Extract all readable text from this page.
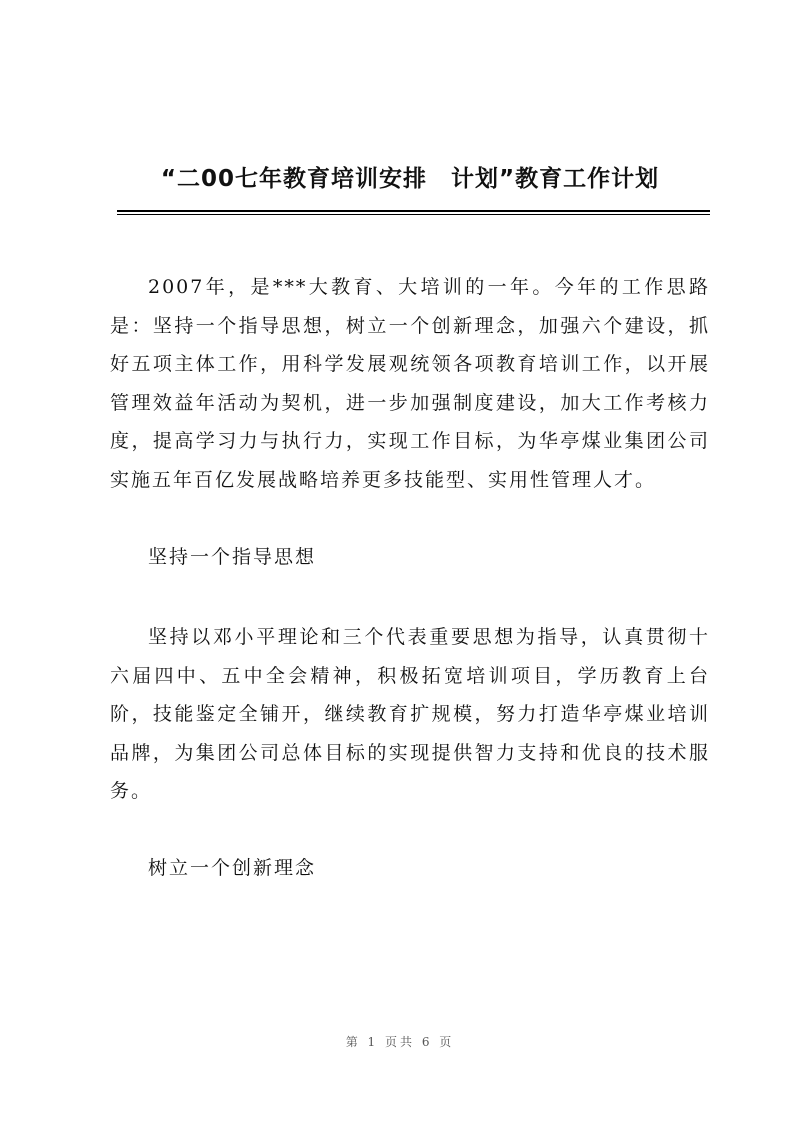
“二00七年教育培训安排　计划”教育工作计划

2007年，是***大教育、大培训的一年。今年的工作思路是：坚持一个指导思想，树立一个创新理念，加强六个建设，抓好五项主体工作，用科学发展观统领各项教育培训工作，以开展管理效益年活动为契机，进一步加强制度建设，加大工作考核力度，提高学习力与执行力，实现工作目标，为华亭煤业集团公司实施五年百亿发展战略培养更多技能型、实用性管理人才。

坚持一个指导思想

坚持以邓小平理论和三个代表重要思想为指导，认真贯彻十六届四中、五中全会精神，积极拓宽培训项目，学历教育上台阶，技能鉴定全铺开，继续教育扩规模，努力打造华亭煤业培训品牌，为集团公司总体目标的实现提供智力支持和优良的技术服务。

树立一个创新理念

第 1 页共 6 页
